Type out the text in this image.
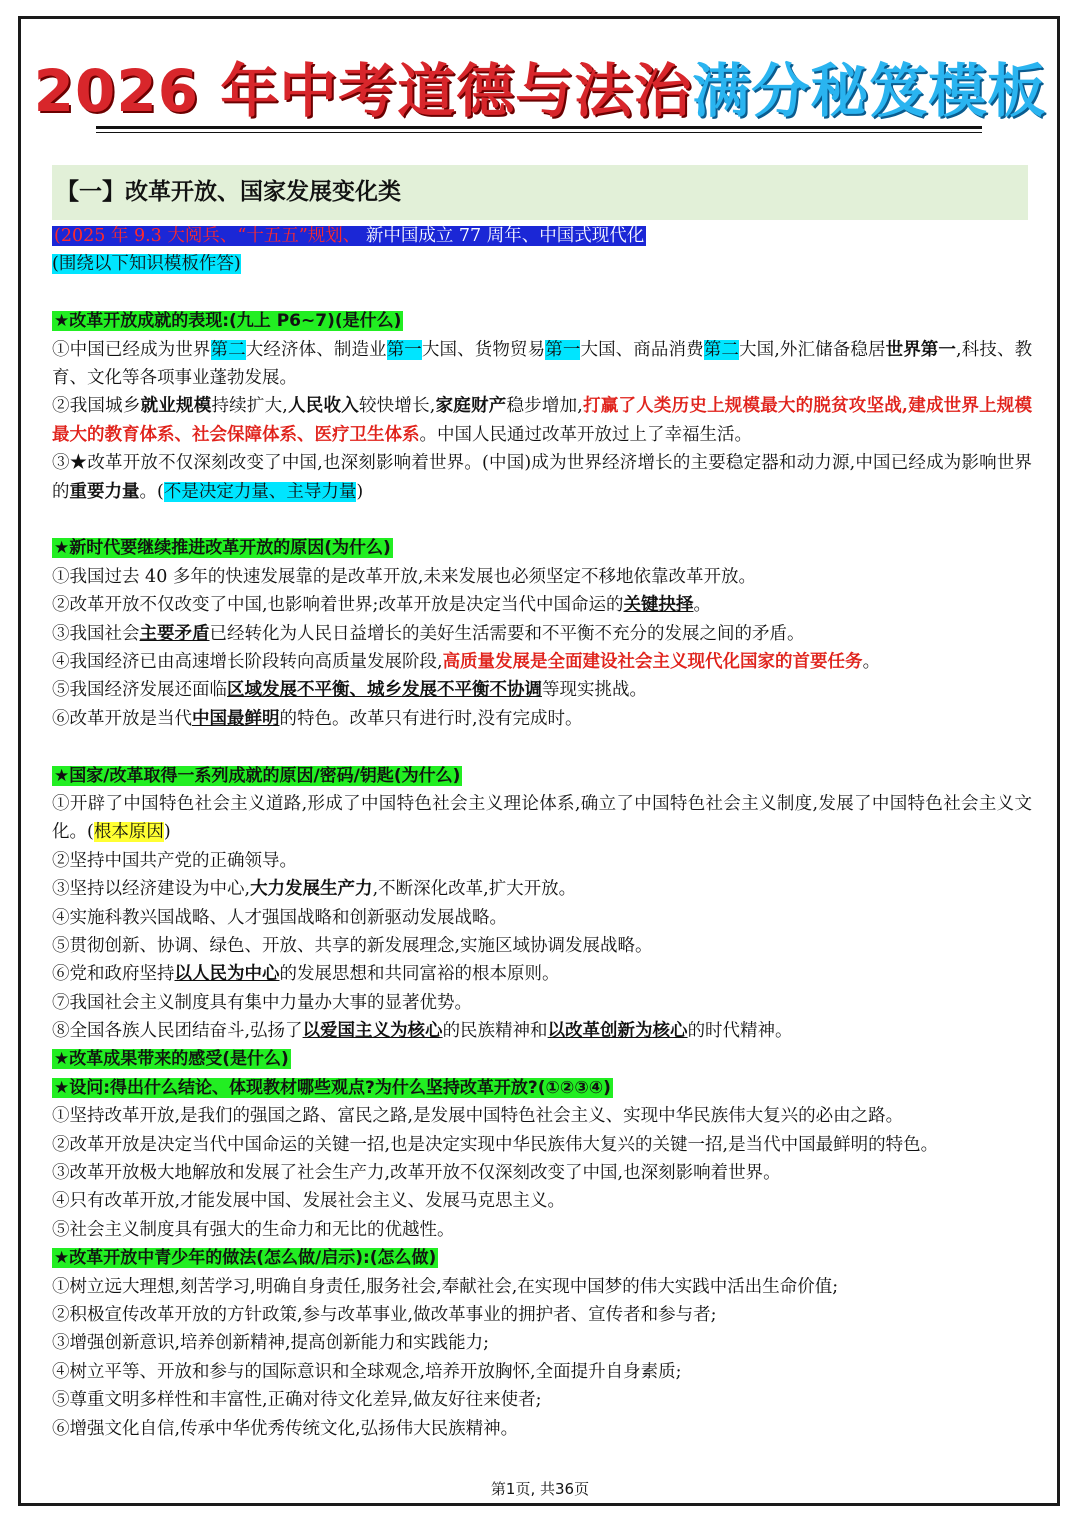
2026 年中考道德与法治满分秘笈模板
【一】改革开放、国家发展变化类
(2025 年 9.3 大阅兵、“十五五”规划、 新中国成立 77 周年、中国式现代化
(围绕以下知识模板作答)
★改革开放成就的表现:(九上 P6~7)(是什么)
①中国已经成为世界第二大经济体、制造业第一大国、货物贸易第一大国、商品消费第二大国,外汇储备稳居世界第一,科技、教育、文化等各项事业蓬勃发展。
②我国城乡就业规模持续扩大,人民收入较快增长,家庭财产稳步增加,打赢了人类历史上规模最大的脱贫攻坚战,建成世界上规模最大的教育体系、社会保障体系、医疗卫生体系。中国人民通过改革开放过上了幸福生活。
③★改革开放不仅深刻改变了中国,也深刻影响着世界。(中国)成为世界经济增长的主要稳定器和动力源,中国已经成为影响世界的重要力量。(不是决定力量、主导力量)
★新时代要继续推进改革开放的原因(为什么)
①我国过去 40 多年的快速发展靠的是改革开放,未来发展也必须坚定不移地依靠改革开放。
②改革开放不仅改变了中国,也影响着世界;改革开放是决定当代中国命运的关键抉择。
③我国社会主要矛盾已经转化为人民日益增长的美好生活需要和不平衡不充分的发展之间的矛盾。
④我国经济已由高速增长阶段转向高质量发展阶段,高质量发展是全面建设社会主义现代化国家的首要任务。
⑤我国经济发展还面临区域发展不平衡、城乡发展不平衡不协调等现实挑战。
⑥改革开放是当代中国最鲜明的特色。改革只有进行时,没有完成时。
★国家/改革取得一系列成就的原因/密码/钥匙(为什么)
①开辟了中国特色社会主义道路,形成了中国特色社会主义理论体系,确立了中国特色社会主义制度,发展了中国特色社会主义文化。(根本原因)
②坚持中国共产党的正确领导。
③坚持以经济建设为中心,大力发展生产力,不断深化改革,扩大开放。
④实施科教兴国战略、人才强国战略和创新驱动发展战略。
⑤贯彻创新、协调、绿色、开放、共享的新发展理念,实施区域协调发展战略。
⑥党和政府坚持以人民为中心的发展思想和共同富裕的根本原则。
⑦我国社会主义制度具有集中力量办大事的显著优势。
⑧全国各族人民团结奋斗,弘扬了以爱国主义为核心的民族精神和以改革创新为核心的时代精神。
★改革成果带来的感受(是什么)
★设问:得出什么结论、体现教材哪些观点?为什么坚持改革开放?(①②③④)
①坚持改革开放,是我们的强国之路、富民之路,是发展中国特色社会主义、实现中华民族伟大复兴的必由之路。
②改革开放是决定当代中国命运的关键一招,也是决定实现中华民族伟大复兴的关键一招,是当代中国最鲜明的特色。
③改革开放极大地解放和发展了社会生产力,改革开放不仅深刻改变了中国,也深刻影响着世界。
④只有改革开放,才能发展中国、发展社会主义、发展马克思主义。
⑤社会主义制度具有强大的生命力和无比的优越性。
★改革开放中青少年的做法(怎么做/启示):(怎么做)
①树立远大理想,刻苦学习,明确自身责任,服务社会,奉献社会,在实现中国梦的伟大实践中活出生命价值;
②积极宣传改革开放的方针政策,参与改革事业,做改革事业的拥护者、宣传者和参与者;
③增强创新意识,培养创新精神,提高创新能力和实践能力;
④树立平等、开放和参与的国际意识和全球观念,培养开放胸怀,全面提升自身素质;
⑤尊重文明多样性和丰富性,正确对待文化差异,做友好往来使者;
⑥增强文化自信,传承中华优秀传统文化,弘扬伟大民族精神。
第1页, 共36页
